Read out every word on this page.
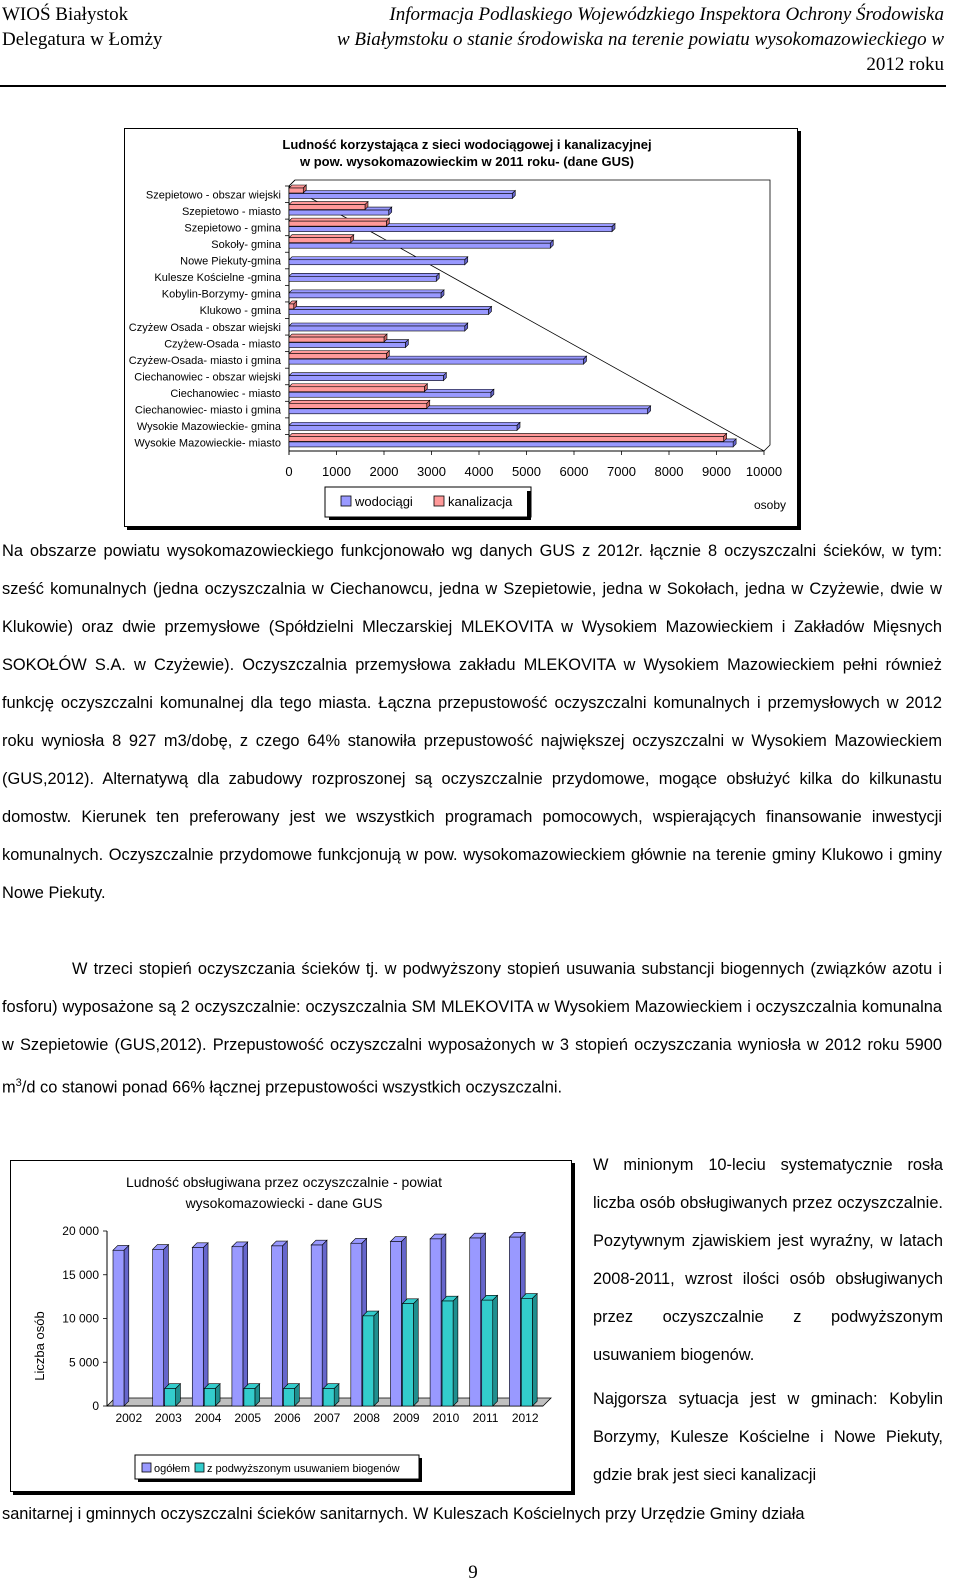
WIOŚ Białystok
Delegatura w Łomży
Informacja Podlaskiego Wojewódzkiego Inspektora Ochrony Środowiska
w Białymstoku o stanie środowiska na terenie powiatu wysokomazowieckiego w
2012 roku
Ludność korzystająca z sieci wodociągowej i kanalizacyjnej
w pow. wysokomazowieckim w 2011 roku- (dane GUS)
Szepietowo - obszar wiejski
Szepietowo - miasto
Szepietowo - gmina
Sokoły- gmina
Nowe Piekuty-gmina
Kulesze Kościelne -gmina
Kobylin-Borzymy- gmina
Klukowo - gmina
Czyżew Osada - obszar wiejski
Czyżew-Osada - miasto
Czyżew-Osada- miasto i gmina
Ciechanowiec - obszar wiejski
Ciechanowiec - miasto
Ciechanowiec- miasto i gmina
Wysokie Mazowieckie- gmina
Wysokie Mazowieckie- miasto
0 1000 2000 3000 4000 5000 6000 7000 8000 9000 10000
wodociągi	kanalizacja	osoby

Na obszarze powiatu wysokomazowieckiego funkcjonowało wg danych GUS z 2012r. łącznie 8 oczyszczalni ścieków, w tym: sześć komunalnych (jedna oczyszczalnia w Ciechanowcu, jedna w Szepietowie, jedna w Sokołach, jedna w Czyżewie, dwie w Klukowie) oraz dwie przemysłowe (Spółdzielni Mleczarskiej MLEKOVITA w Wysokiem Mazowieckiem i Zakładów Mięsnych SOKOŁÓW S.A. w Czyżewie). Oczyszczalnia przemysłowa zakładu MLEKOVITA w Wysokiem Mazowieckiem pełni również funkcję oczyszczalni komunalnej dla tego miasta. Łączna przepustowość oczyszczalni komunalnych i przemysłowych w 2012 roku wyniosła 8 927 m3/dobę, z czego 64% stanowiła przepustowość największej oczyszczalni w Wysokiem Mazowieckiem (GUS,2012). Alternatywą dla zabudowy rozproszonej są oczyszczalnie przydomowe, mogące obsłużyć kilka do kilkunastu domostw. Kierunek ten preferowany jest we wszystkich programach pomocowych, wspierających finansowanie inwestycji komunalnych. Oczyszczalnie przydomowe funkcjonują w pow. wysokomazowieckiem głównie na terenie gminy Klukowo i gminy Nowe Piekuty.

W trzeci stopień oczyszczania ścieków tj. w podwyższony stopień usuwania substancji biogennych (związków azotu i fosforu) wyposażone są 2 oczyszczalnie: oczyszczalnia SM MLEKOVITA w Wysokiem Mazowieckiem i oczyszczalnia komunalna w Szepietowie (GUS,2012). Przepustowość oczyszczalni wyposażonych w 3 stopień oczyszczania wyniosła w 2012 roku 5900 $m^3/d$ co stanowi ponad 66% łącznej przepustowości wszystkich oczyszczalni.

Ludność obsługiwana przez oczyszczalnie - powiat
wysokomazowiecki - dane GUS
Liczba osób
0
5 000
10 000
15 000
20 000
2002 2003 2004 2005 2006 2007 2008 2009 2010 2011 2012
ogółem z podwyższonym usuwaniem biogenów

W minionym 10-leciu systematycznie rosła liczba osób obsługiwanych przez oczyszczalnie. Pozytywnym zjawiskiem jest wyraźny, w latach 2008-2011, wzrost ilości osób obsługiwanych przez oczyszczalnie z podwyższonym usuwaniem biogenów.

Najgorsza sytuacja jest w gminach: Kobylin Borzymy, Kulesze Kościelne i Nowe Piekuty, gdzie brak jest sieci kanalizacji

sanitarnej i gminnych oczyszczalni ścieków sanitarnych. W Kuleszach Kościelnych przy Urzędzie Gminy działa
9
